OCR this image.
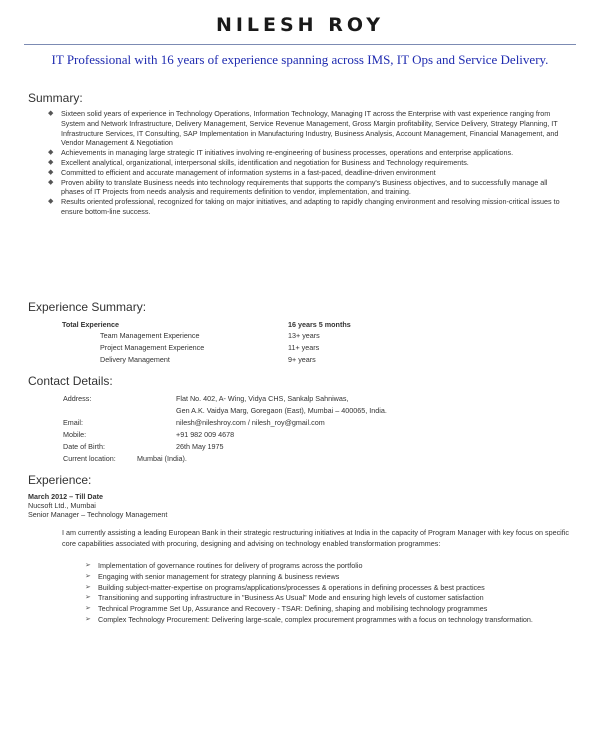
NILESH ROY
IT Professional with 16 years of experience spanning across IMS, IT Ops and Service Delivery.
Summary:
◆ Sixteen solid years of experience in Technology Operations, Information Technology, Managing IT across the Enterprise with vast experience ranging from System and Network Infrastructure, Delivery Management, Service Revenue Management, Gross Margin profitability, Service Delivery, Strategy Planning, IT Infrastructure Services, IT Consulting, SAP Implementation in Manufacturing Industry, Business Analysis, Account Management, Financial Management, and Vendor Management & Negotiation
◆ Achievements in managing large strategic IT initiatives involving re-engineering of business processes, operations and enterprise applications.
◆ Excellent analytical, organizational, interpersonal skills, identification and negotiation for Business and Technology requirements.
◆ Committed to efficient and accurate management of information systems in a fast-paced, deadline-driven environment
◆ Proven ability to translate Business needs into technology requirements that supports the company's Business objectives, and to successfully manage all phases of IT Projects from needs analysis and requirements definition to vendor, implementation, and training.
◆ Results oriented professional, recognized for taking on major initiatives, and adapting to rapidly changing environment and resolving mission-critical issues to ensure bottom-line success.
Experience Summary:
Total Experience	16 years 5 months
Team Management Experience	13+ years
Project Management Experience	11+ years
Delivery Management	9+ years
Contact Details:
Address:	Flat No. 402, A- Wing, Vidya CHS, Sankalp Sahniwas,
Gen A.K. Vaidya Marg, Goregaon (East), Mumbai – 400065, India.
Email:	nilesh@nileshroy.com / nilesh_roy@gmail.com
Mobile:	+91 982 009 4678
Date of Birth:	26th May 1975
Current location:	Mumbai (India).
Experience:
March 2012 – Till Date
Nucsoft Ltd., Mumbai
Senior Manager – Technology Management
I am currently assisting a leading European Bank in their strategic restructuring initiatives at India in the capacity of Program Manager with key focus on specific core capabilities associated with procuring, designing and advising on technology enabled transformation programmes:
➢ Implementation of governance routines for delivery of programs across the portfolio
➢ Engaging with senior management for strategy planning & business reviews
➢ Building subject-matter-expertise on programs/applications/processes & operations in defining processes & best practices
➢ Transitioning and supporting infrastructure in "Business As Usual" Mode and ensuring high levels of customer satisfaction
➢ Technical Programme Set Up, Assurance and Recovery - TSAR: Defining, shaping and mobilising technology programmes
➢ Complex Technology Procurement: Delivering large-scale, complex procurement programmes with a focus on technology transformation.
